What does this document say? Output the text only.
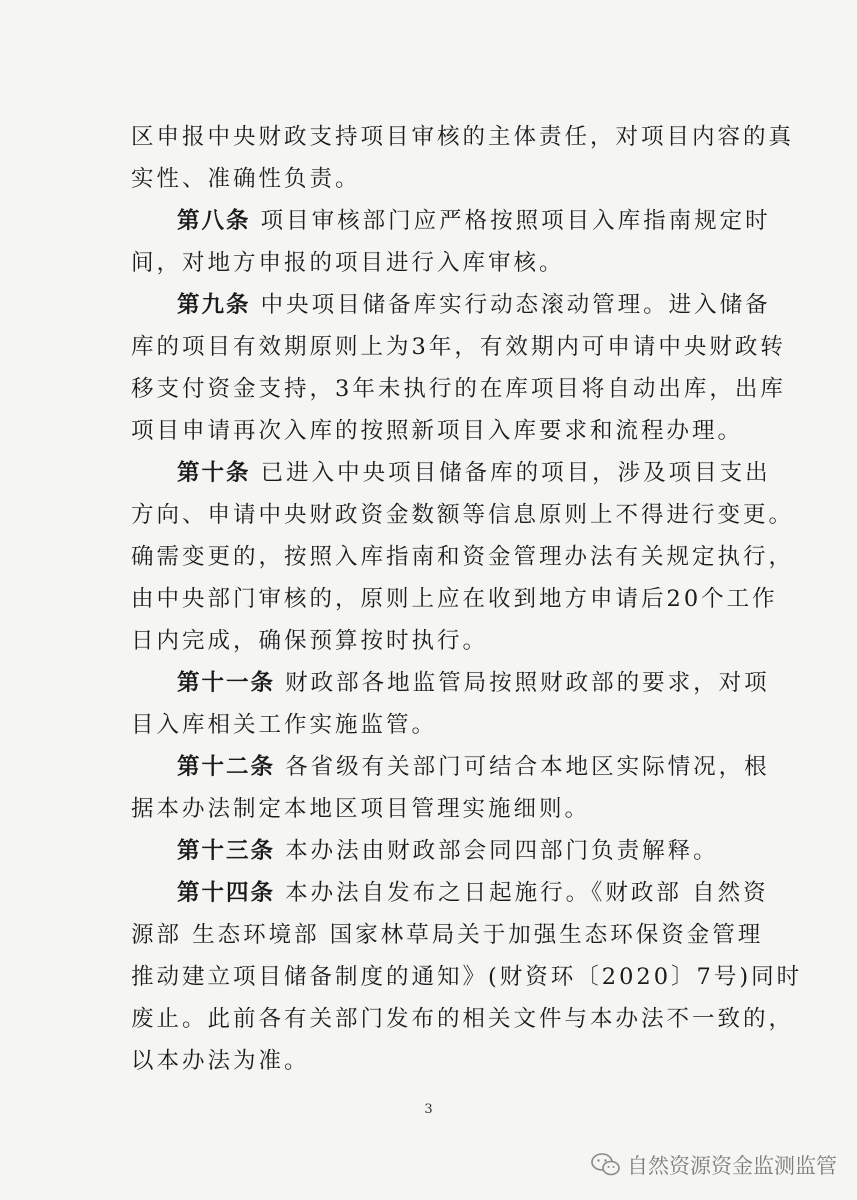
区申报中央财政支持项目审核的主体责任，对项目内容的真
实性、准确性负责。
第八条 项目审核部门应严格按照项目入库指南规定时
间，对地方申报的项目进行入库审核。
第九条 中央项目储备库实行动态滚动管理。进入储备
库的项目有效期原则上为3年，有效期内可申请中央财政转
移支付资金支持，3年未执行的在库项目将自动出库，出库
项目申请再次入库的按照新项目入库要求和流程办理。
第十条 已进入中央项目储备库的项目，涉及项目支出
方向、申请中央财政资金数额等信息原则上不得进行变更。
确需变更的，按照入库指南和资金管理办法有关规定执行，
由中央部门审核的，原则上应在收到地方申请后20个工作
日内完成，确保预算按时执行。
第十一条 财政部各地监管局按照财政部的要求，对项
目入库相关工作实施监管。
第十二条 各省级有关部门可结合本地区实际情况，根
据本办法制定本地区项目管理实施细则。
第十三条 本办法由财政部会同四部门负责解释。
第十四条 本办法自发布之日起施行。《财政部 自然资
源部 生态环境部 国家林草局关于加强生态环保资金管理
推动建立项目储备制度的通知》(财资环〔2020〕7号)同时
废止。此前各有关部门发布的相关文件与本办法不一致的，
以本办法为准。
3
自然资源资金监测监管
